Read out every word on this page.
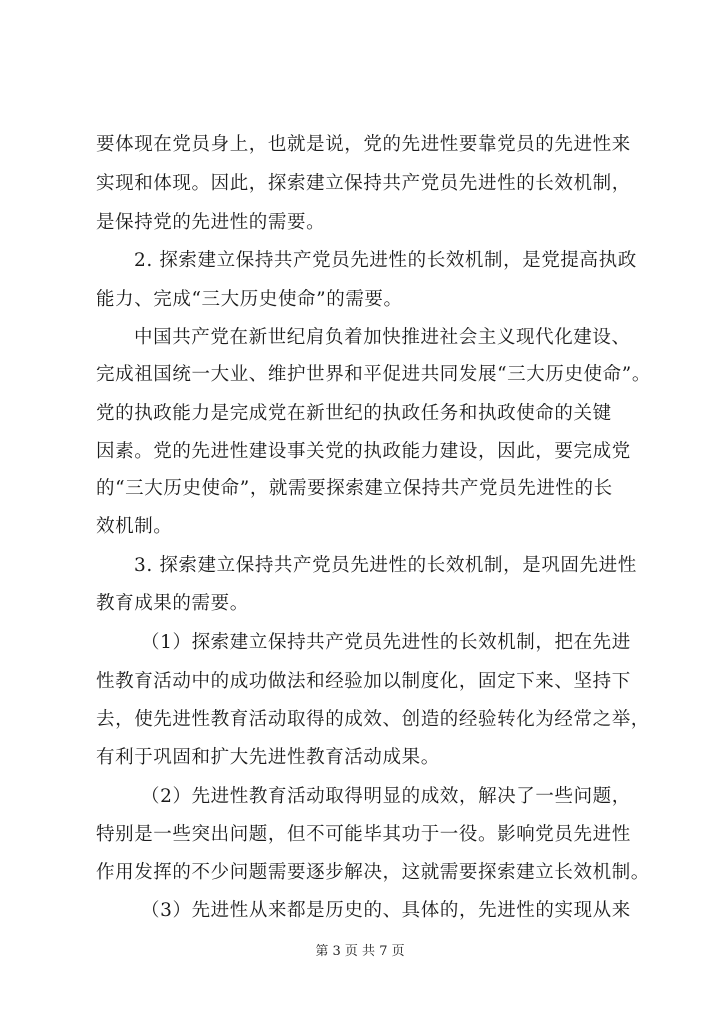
要体现在党员身上，也就是说，党的先进性要靠党员的先进性来
实现和体现。因此，探索建立保持共产党员先进性的长效机制，
是保持党的先进性的需要。
2. 探索建立保持共产党员先进性的长效机制，是党提高执政
能力、完成“三大历史使命”的需要。
中国共产党在新世纪肩负着加快推进社会主义现代化建设、
完成祖国统一大业、维护世界和平促进共同发展“三大历史使命”。
党的执政能力是完成党在新世纪的执政任务和执政使命的关键
因素。党的先进性建设事关党的执政能力建设，因此，要完成党
的“三大历史使命”，就需要探索建立保持共产党员先进性的长
效机制。
3. 探索建立保持共产党员先进性的长效机制，是巩固先进性
教育成果的需要。
（1）探索建立保持共产党员先进性的长效机制，把在先进
性教育活动中的成功做法和经验加以制度化，固定下来、坚持下
去，使先进性教育活动取得的成效、创造的经验转化为经常之举，
有利于巩固和扩大先进性教育活动成果。
（2）先进性教育活动取得明显的成效，解决了一些问题，
特别是一些突出问题，但不可能毕其功于一役。影响党员先进性
作用发挥的不少问题需要逐步解决，这就需要探索建立长效机制。
（3）先进性从来都是历史的、具体的，先进性的实现从来
第 3 页 共 7 页
